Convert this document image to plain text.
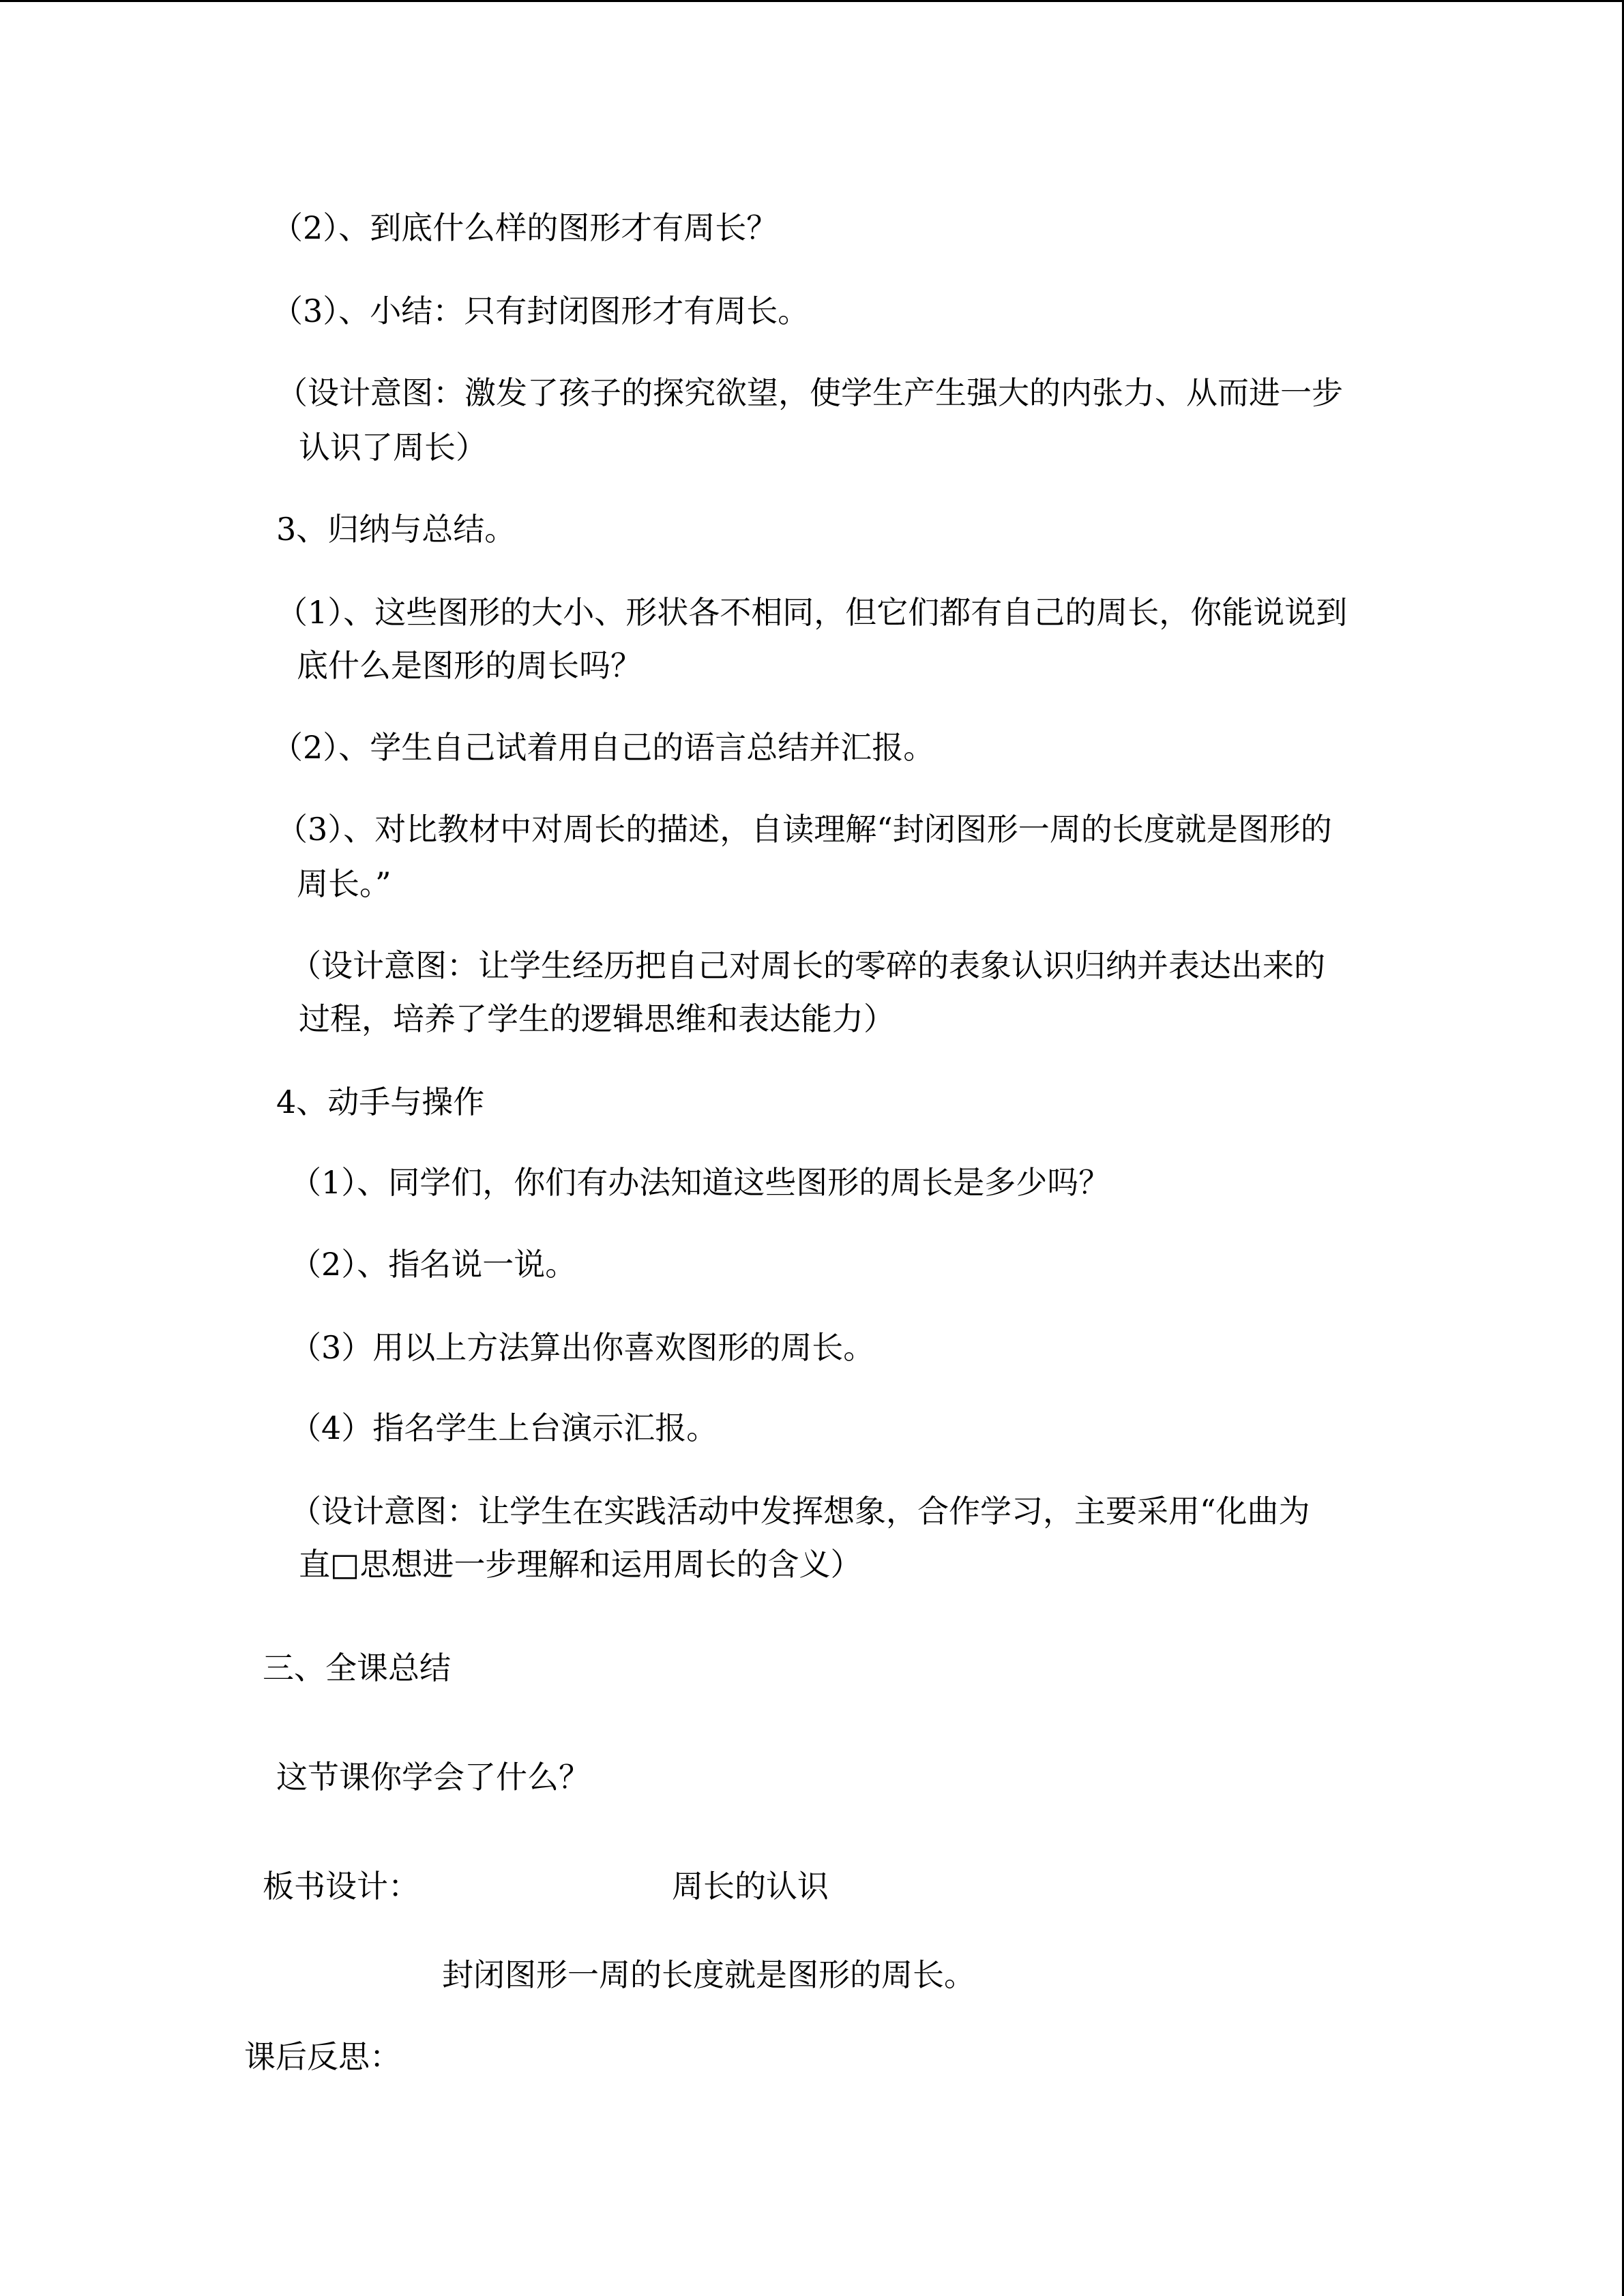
（2）、到底什么样的图形才有周长？

（3）、小结：只有封闭图形才有周长。

（设计意图：激发了孩子的探究欲望，使学生产生强大的内张力、从而进一步

认识了周长）

3、归纳与总结。

（1）、这些图形的大小、形状各不相同，但它们都有自己的周长，你能说说到

底什么是图形的周长吗？

（2）、学生自己试着用自己的语言总结并汇报。

（3）、对比教材中对周长的描述，自读理解“封闭图形一周的长度就是图形的

周长。”

（设计意图：让学生经历把自己对周长的零碎的表象认识归纳并表达出来的

过程，培养了学生的逻辑思维和表达能力）

4、动手与操作

（1）、同学们，你们有办法知道这些图形的周长是多少吗？

（2）、指名说一说。

（3）用以上方法算出你喜欢图形的周长。

（4）指名学生上台演示汇报。

（设计意图：让学生在实践活动中发挥想象，合作学习，主要采用“化曲为

直□思想进一步理解和运用周长的含义）

三、全课总结

这节课你学会了什么？

板书设计：	周长的认识

封闭图形一周的长度就是图形的周长。

课后反思：
